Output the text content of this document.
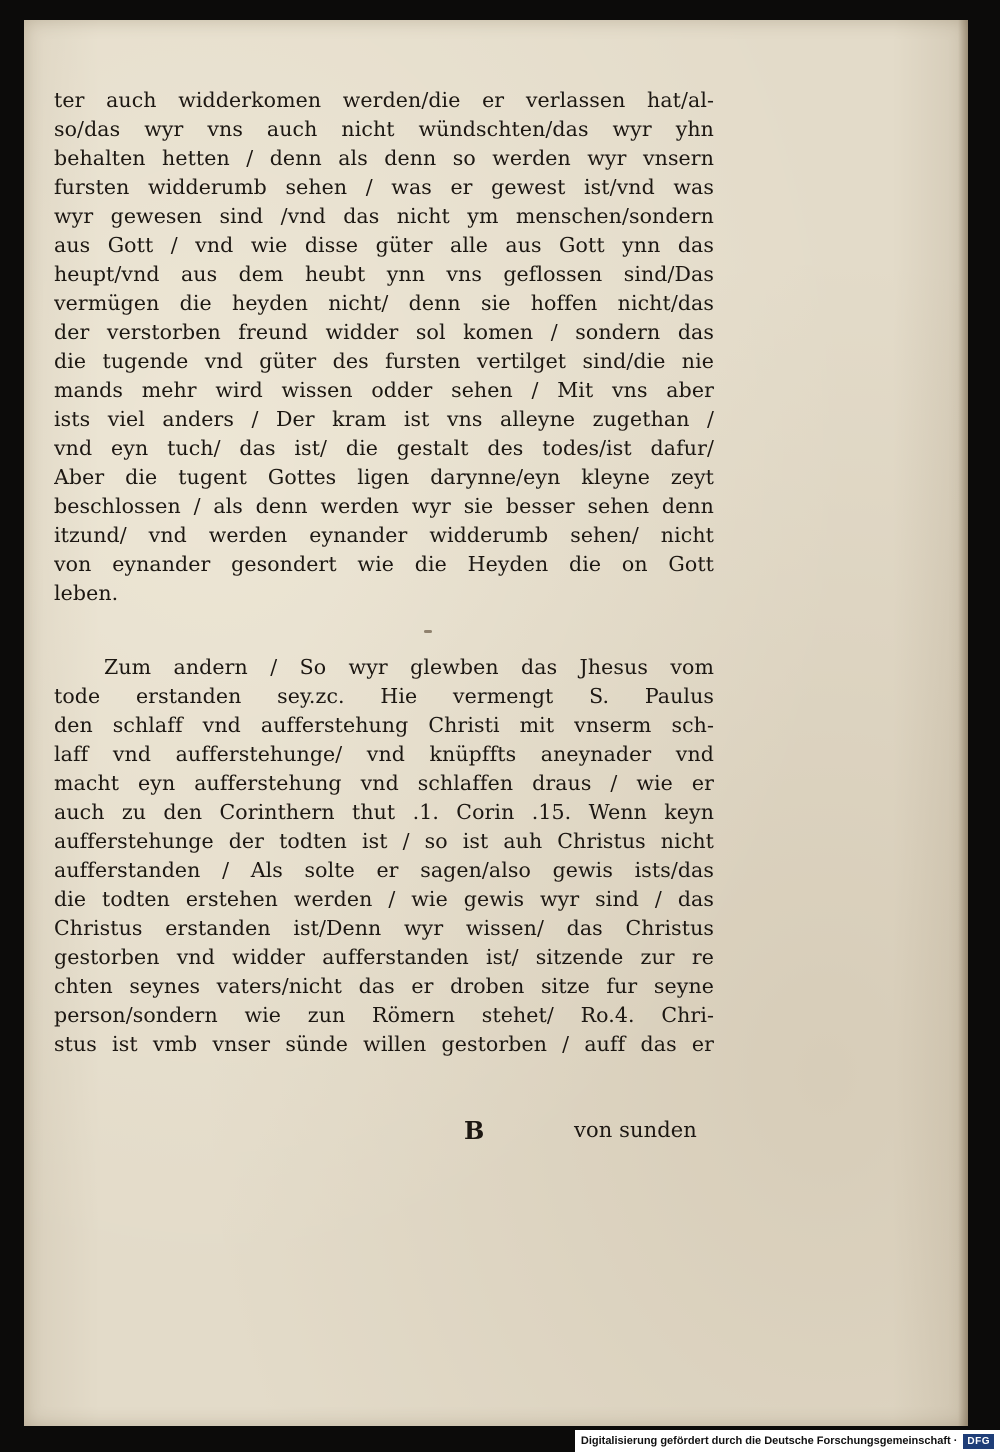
ter auch widderkomen werden/die er verlassen hat/al-
so/das wyr vns auch nicht wündschten/das wyr yhn
behalten hetten / denn als denn so werden wyr vnsern
fursten widderumb sehen / was er gewest ist/vnd was
wyr gewesen sind /vnd das nicht ym menschen/sondern
aus Gott / vnd wie disse güter alle aus Gott ynn das
heupt/vnd aus dem heubt ynn vns geflossen sind/Das
vermügen die heyden nicht/ denn sie hoffen nicht/das
der verstorben freund widder sol komen / sondern das
die tugende vnd güter des fursten vertilget sind/die nie
mands mehr wird wissen odder sehen / Mit vns aber
ists viel anders / Der kram ist vns alleyne zugethan /
vnd eyn tuch/ das ist/ die gestalt des todes/ist dafur/
Aber die tugent Gottes ligen darynne/eyn kleyne zeyt
beschlossen / als denn werden wyr sie besser sehen denn
itzund/ vnd werden eynander widderumb sehen/ nicht
von eynander gesondert wie die Heyden die on Gott
leben.
Zum andern / So wyr glewben das Jhesus vom
tode erstanden sey.zc. Hie vermengt S. Paulus
den schlaff vnd aufferstehung Christi mit vnserm sch-
laff vnd aufferstehunge/ vnd knüpffts aneynader vnd
macht eyn aufferstehung vnd schlaffen draus / wie er
auch zu den Corinthern thut .1. Corin .15. Wenn keyn
aufferstehunge der todten ist / so ist auh Christus nicht
aufferstanden / Als solte er sagen/also gewis ists/das
die todten erstehen werden / wie gewis wyr sind / das
Christus erstanden ist/Denn wyr wissen/ das Christus
gestorben vnd widder aufferstanden ist/ sitzende zur re
chten seynes vaters/nicht das er droben sitze fur seyne
person/sondern wie zun Römern stehet/ Ro.4. Chri-
stus ist vmb vnser sünde willen gestorben / auff das er
B	von sunden
Digitalisierung gefördert durch die Deutsche Forschungsgemeinschaft ·	DFG
